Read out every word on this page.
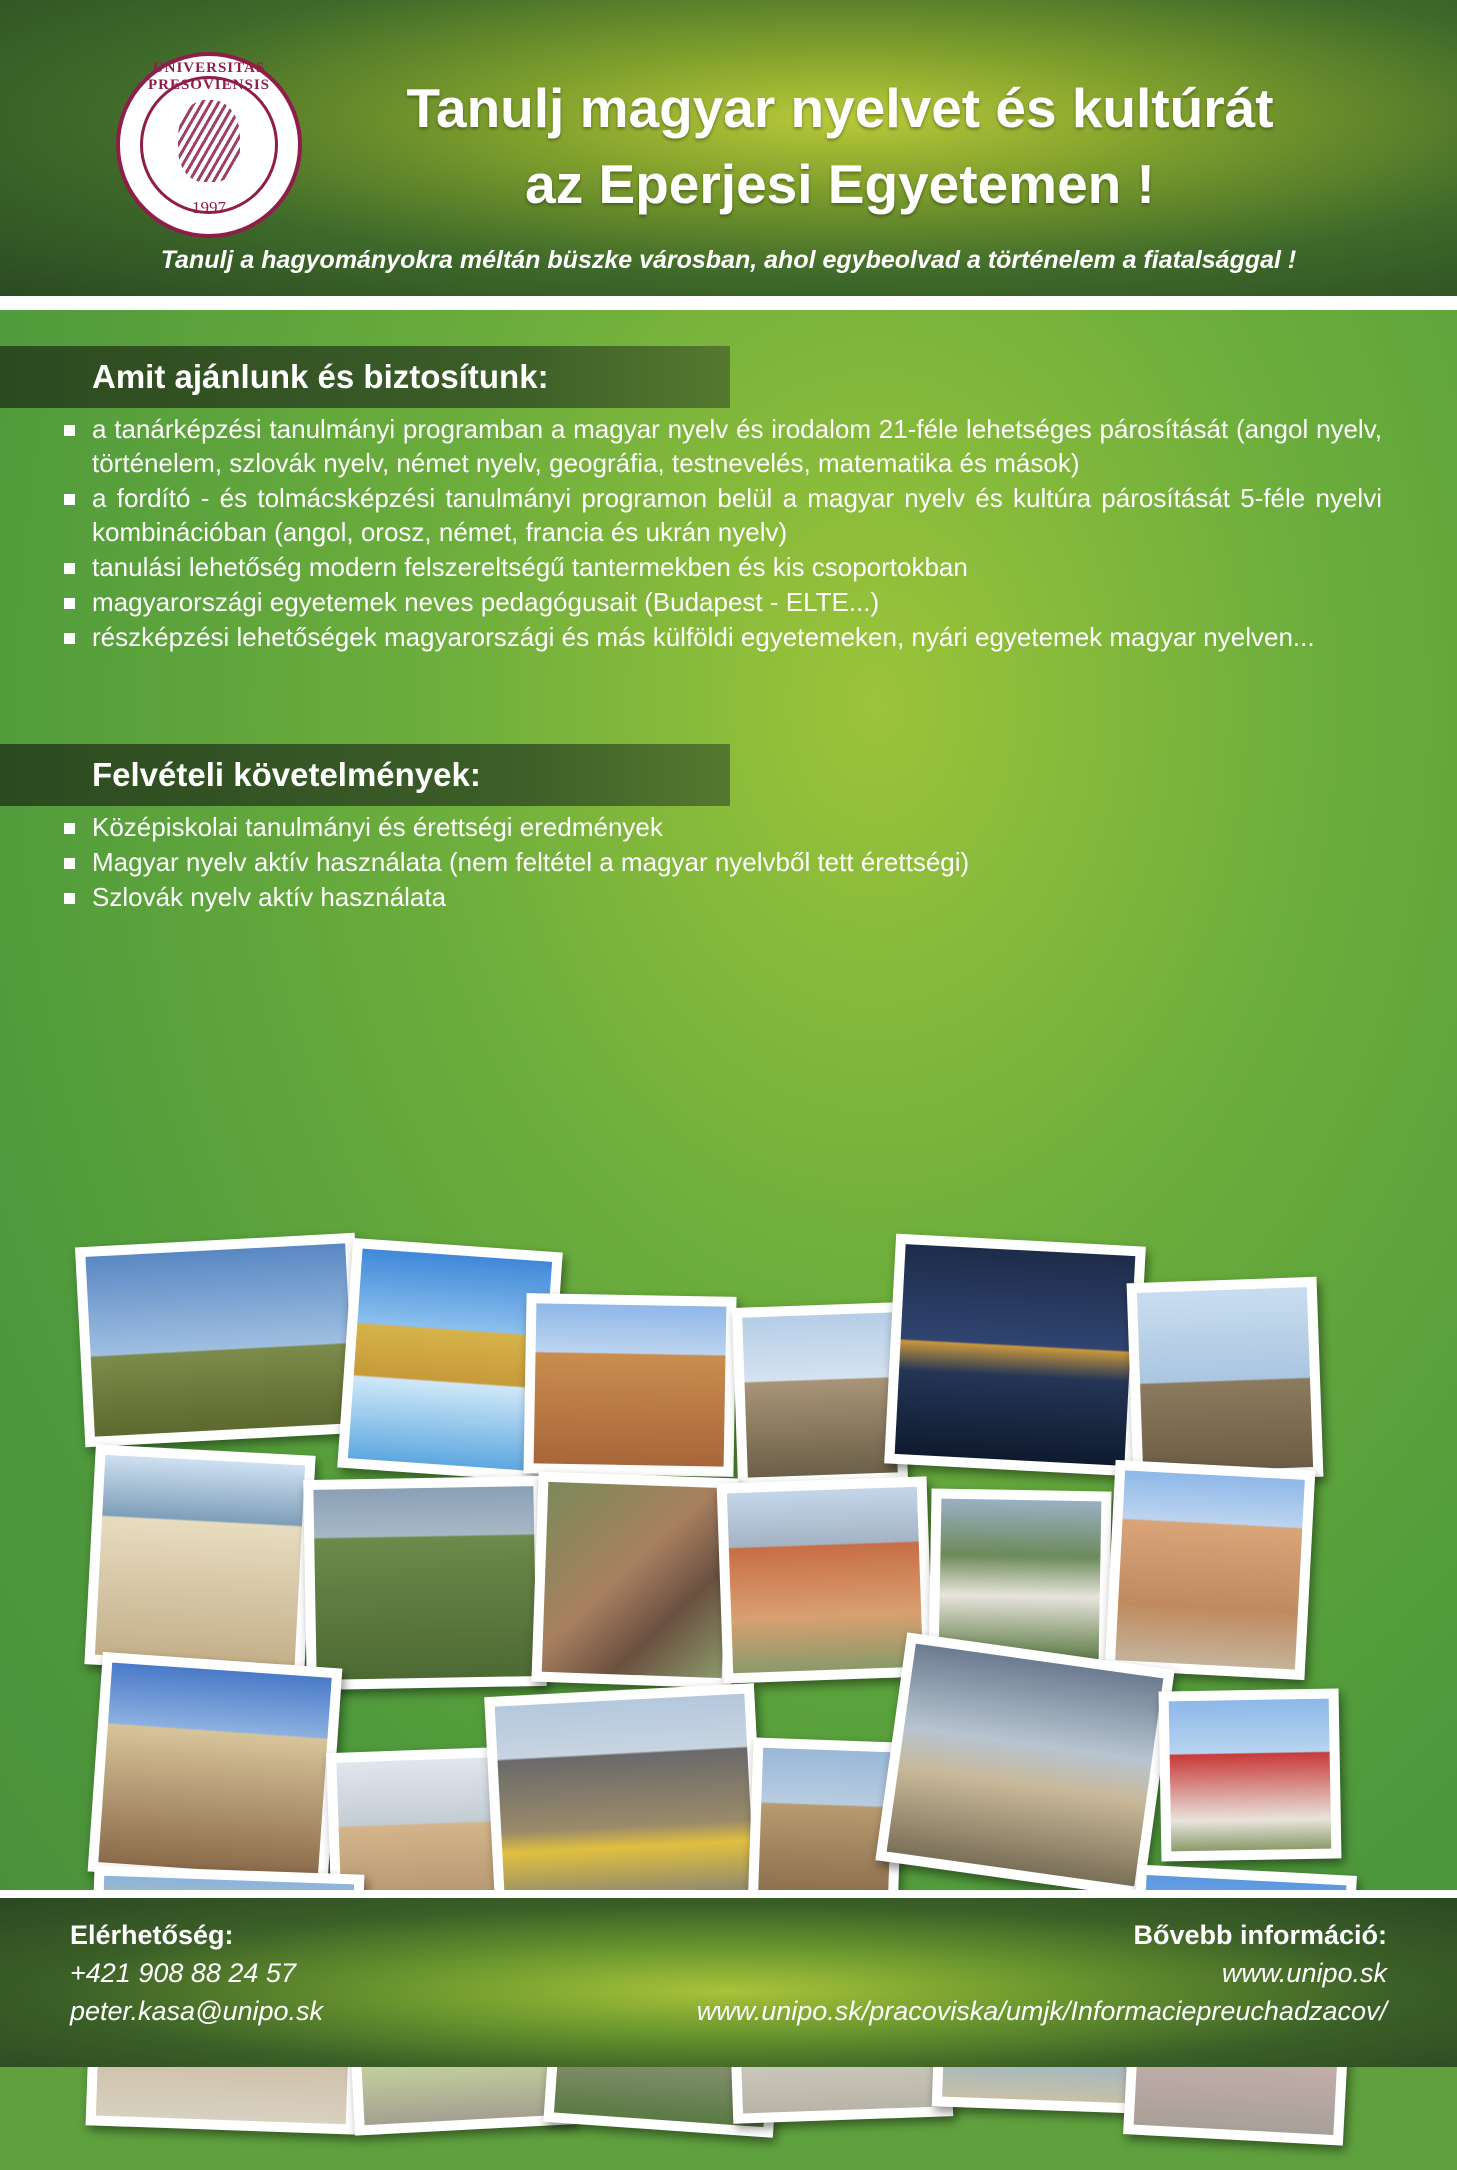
UNIVERSITAS PRESOVIENSIS
1997
Tanulj magyar nyelvet és kultúrát
az Eperjesi Egyetemen !
Tanulj a hagyományokra méltán büszke városban, ahol egybeolvad a történelem a fiatalsággal !
Amit ajánlunk és biztosítunk:
a tanárképzési tanulmányi programban a magyar nyelv és irodalom 21-féle lehetséges párosítását (angol nyelv, történelem, szlovák nyelv, német nyelv, geográfia, testnevelés, matematika és mások)
a fordító - és tolmácsképzési tanulmányi programon belül a magyar nyelv és kultúra párosítását 5-féle nyelvi kombinációban (angol, orosz, német, francia és ukrán nyelv)
tanulási lehetőség modern felszereltségű tantermekben és kis csoportokban
magyarországi egyetemek neves pedagógusait (Budapest - ELTE...)
részképzési lehetőségek magyarországi és más külföldi egyetemeken, nyári egyetemek magyar nyelven...
Felvételi követelmények:
Középiskolai tanulmányi és érettségi eredmények
Magyar nyelv aktív használata (nem feltétel a magyar nyelvből tett érettségi)
Szlovák nyelv aktív használata
Elérhetőség:
+421 908 88 24 57
peter.kasa@unipo.sk
Bővebb információ:
www.unipo.sk
www.unipo.sk/pracoviska/umjk/Informaciepreuchadzacov/
